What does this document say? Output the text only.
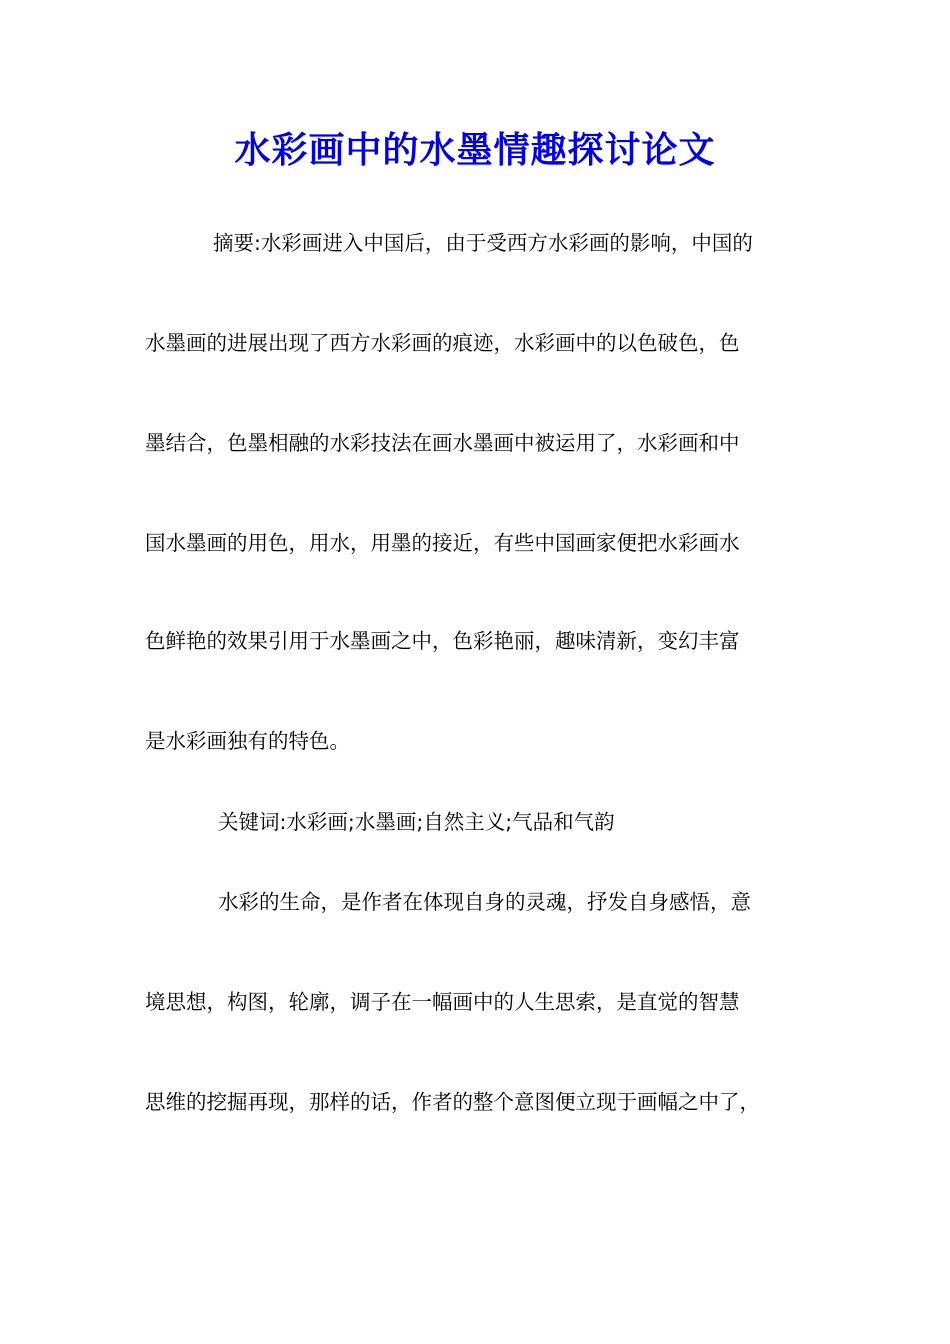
水彩画中的水墨情趣探讨论文

摘要:水彩画进入中国后，由于受西方水彩画的影响，中国的

水墨画的进展出现了西方水彩画的痕迹，水彩画中的以色破色，色

墨结合，色墨相融的水彩技法在画水墨画中被运用了，水彩画和中

国水墨画的用色，用水，用墨的接近，有些中国画家便把水彩画水

色鲜艳的效果引用于水墨画之中，色彩艳丽，趣味清新，变幻丰富

是水彩画独有的特色。

关键词:水彩画;水墨画;自然主义;气品和气韵

水彩的生命，是作者在体现自身的灵魂，抒发自身感悟，意

境思想，构图，轮廓，调子在一幅画中的人生思索，是直觉的智慧

思维的挖掘再现，那样的话，作者的整个意图便立现于画幅之中了，
